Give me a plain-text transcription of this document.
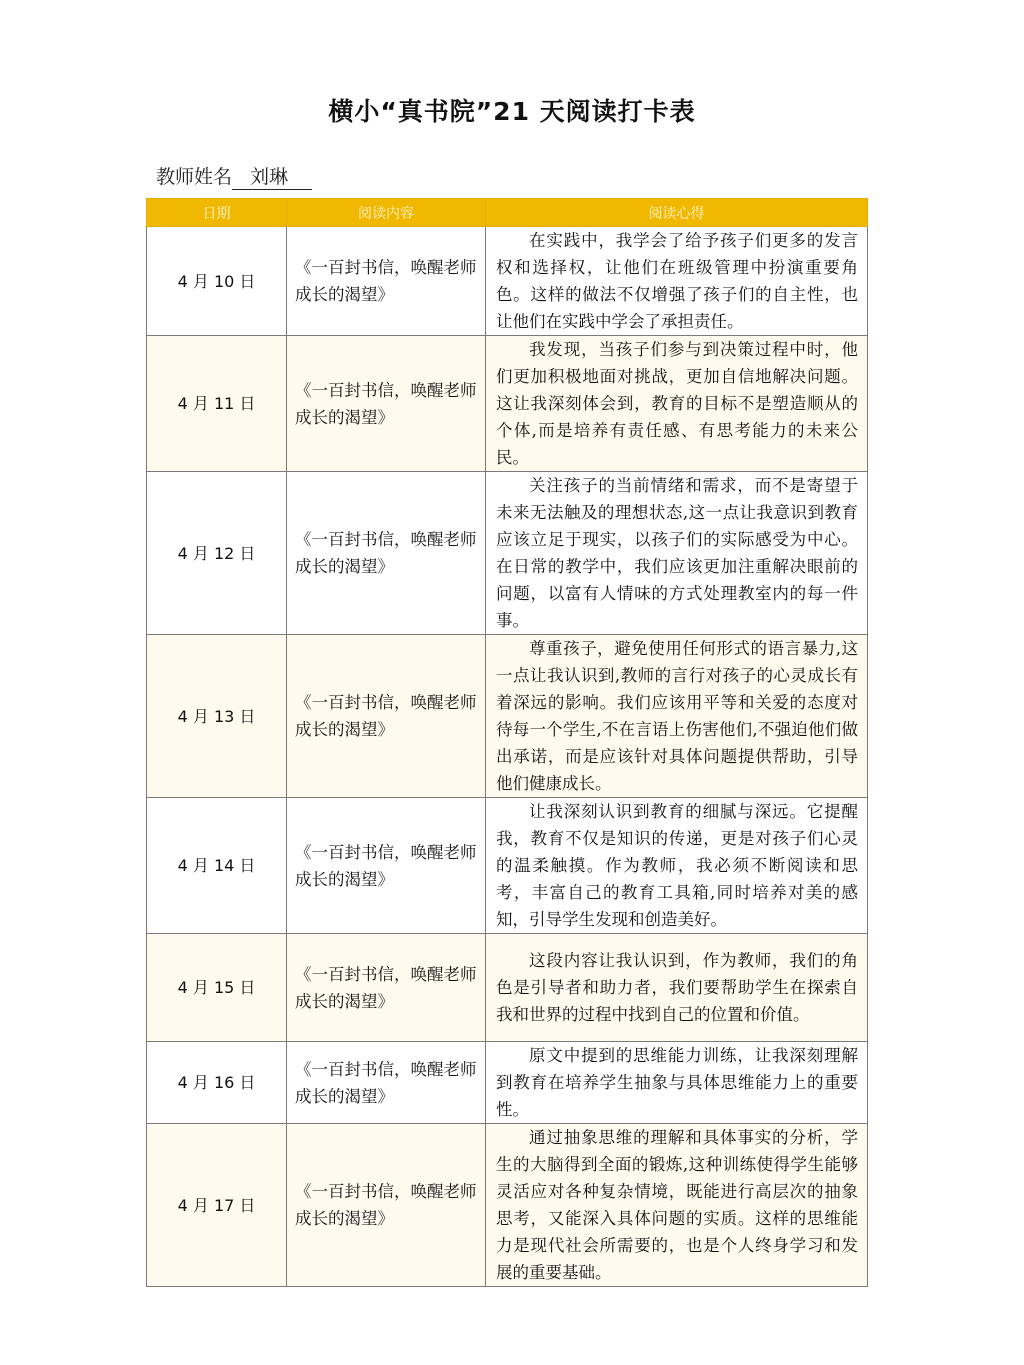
横小“真书院”21 天阅读打卡表
教师姓名 刘琳
日期	阅读内容	阅读心得
4 月 10 日	《一百封书信，唤醒老师成长的渴望》	在实践中，我学会了给予孩子们更多的发言权和选择权，让他们在班级管理中扮演重要角色。这样的做法不仅增强了孩子们的自主性，也让他们在实践中学会了承担责任。
4 月 11 日	《一百封书信，唤醒老师成长的渴望》	我发现，当孩子们参与到决策过程中时，他们更加积极地面对挑战，更加自信地解决问题。这让我深刻体会到，教育的目标不是塑造顺从的个体,而是培养有责任感、有思考能力的未来公民。
4 月 12 日	《一百封书信，唤醒老师成长的渴望》	关注孩子的当前情绪和需求，而不是寄望于未来无法触及的理想状态,这一点让我意识到教育应该立足于现实，以孩子们的实际感受为中心。在日常的教学中，我们应该更加注重解决眼前的问题，以富有人情味的方式处理教室内的每一件事。
4 月 13 日	《一百封书信，唤醒老师成长的渴望》	尊重孩子，避免使用任何形式的语言暴力,这一点让我认识到,教师的言行对孩子的心灵成长有着深远的影响。我们应该用平等和关爱的态度对待每一个学生,不在言语上伤害他们,不强迫他们做出承诺，而是应该针对具体问题提供帮助，引导他们健康成长。
4 月 14 日	《一百封书信，唤醒老师成长的渴望》	让我深刻认识到教育的细腻与深远。它提醒我，教育不仅是知识的传递，更是对孩子们心灵的温柔触摸。作为教师，我必须不断阅读和思考，丰富自己的教育工具箱,同时培养对美的感知，引导学生发现和创造美好。
4 月 15 日	《一百封书信，唤醒老师成长的渴望》	这段内容让我认识到，作为教师，我们的角色是引导者和助力者，我们要帮助学生在探索自我和世界的过程中找到自己的位置和价值。
4 月 16 日	《一百封书信，唤醒老师成长的渴望》	原文中提到的思维能力训练，让我深刻理解到教育在培养学生抽象与具体思维能力上的重要性。
4 月 17 日	《一百封书信，唤醒老师成长的渴望》	通过抽象思维的理解和具体事实的分析，学生的大脑得到全面的锻炼,这种训练使得学生能够灵活应对各种复杂情境，既能进行高层次的抽象思考，又能深入具体问题的实质。这样的思维能力是现代社会所需要的，也是个人终身学习和发展的重要基础。
